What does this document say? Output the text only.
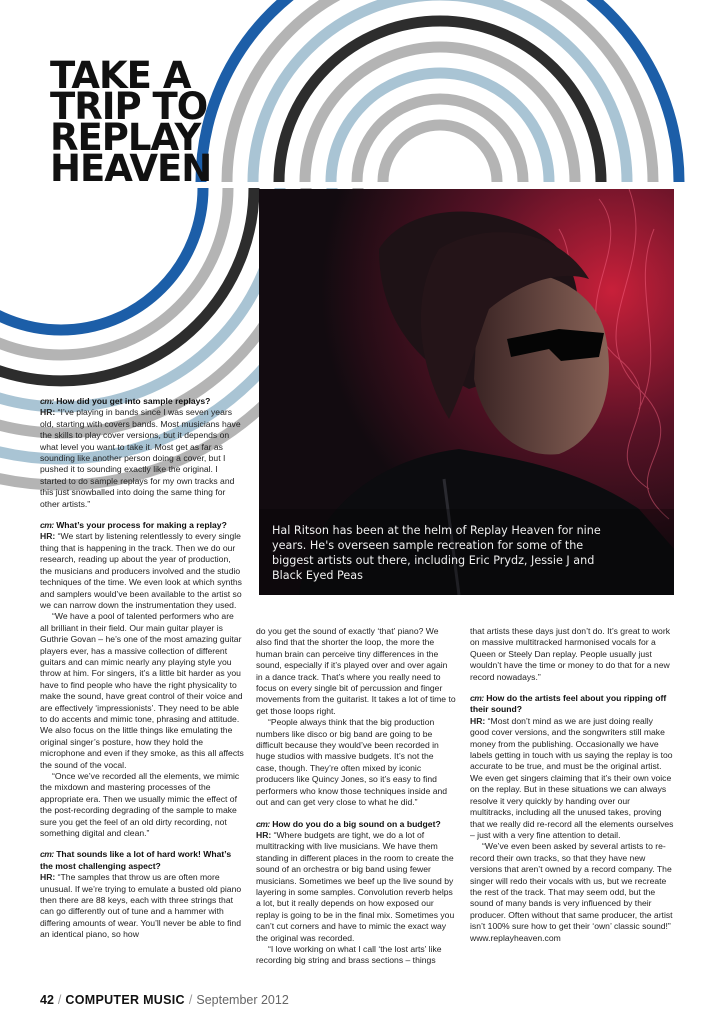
TAKE A
TRIP TO
REPLAY
HEAVEN
Hal Ritson has been at the helm of Replay Heaven for nine years. He's overseen sample recreation for some of the biggest artists out there, including Eric Prydz, Jessie J and Black Eyed Peas

cm: How did you get into sample replays?

HR: “I’ve playing in bands since I was seven years old, starting with covers bands. Most musicians have the skills to play cover versions, but it depends on what level you want to take it. Most get as far as sounding like another person doing a cover, but I pushed it to sounding exactly like the original. I started to do sample replays for my own tracks and this just snowballed into doing the same thing for other artists.”

cm: What’s your process for making a replay?

HR: “We start by listening relentlessly to every single thing that is happening in the track. Then we do our research, reading up about the year of production, the musicians and producers involved and the studio techniques of the time. We even look at which synths and samplers would’ve been available to the artist so we can narrow down the instrumentation they used.

“We have a pool of talented performers who are all brilliant in their field. Our main guitar player is Guthrie Govan – he’s one of the most amazing guitar players ever, has a massive collection of different guitars and can mimic nearly any playing style you throw at him. For singers, it’s a little bit harder as you have to find people who have the right physicality to make the sound, have great control of their voice and are effectively ‘impressionists’. They need to be able to do accents and mimic tone, phrasing and attitude. We also focus on the little things like emulating the original singer’s posture, how they hold the microphone and even if they smoke, as this all affects the sound of the vocal.

“Once we’ve recorded all the elements, we mimic the mixdown and mastering processes of the appropriate era. Then we usually mimic the effect of the post-recording degrading of the sample to make sure you get the feel of an old dirty recording, not something digital and clean.”

cm: That sounds like a lot of hard work! What’s the most challenging aspect?

HR: “The samples that throw us are often more unusual. If we’re trying to emulate a busted old piano then there are 88 keys, each with three strings that can go differently out of tune and a hammer with differing amounts of wear. You’ll never be able to find an identical piano, so how

do you get the sound of exactly ‘that’ piano? We also find that the shorter the loop, the more the human brain can perceive tiny differences in the sound, especially if it’s played over and over again in a dance track. That’s where you really need to focus on every single bit of percussion and finger movements from the guitarist. It takes a lot of time to get those loops right.

“People always think that the big production numbers like disco or big band are going to be difficult because they would’ve been recorded in huge studios with massive budgets. It’s not the case, though. They’re often mixed by iconic producers like Quincy Jones, so it’s easy to find performers who know those techniques inside and out and can get very close to what he did.”

cm: How do you do a big sound on a budget?

HR: “Where budgets are tight, we do a lot of multitracking with live musicians. We have them standing in different places in the room to create the sound of an orchestra or big band using fewer musicians. Sometimes we beef up the live sound by layering in some samples. Convolution reverb helps a lot, but it really depends on how exposed our replay is going to be in the final mix. Sometimes you can’t cut corners and have to mimic the exact way the original was recorded.

“I love working on what I call ‘the lost arts’ like recording big string and brass sections – things

that artists these days just don’t do. It’s great to work on massive multitracked harmonised vocals for a Queen or Steely Dan replay. People usually just wouldn’t have the time or money to do that for a new record nowadays.”

cm: How do the artists feel about you ripping off their sound?

HR: “Most don’t mind as we are just doing really good cover versions, and the songwriters still make money from the publishing. Occasionally we have labels getting in touch with us saying the replay is too accurate to be true, and must be the original artist. We even get singers claiming that it’s their own voice on the replay. But in these situations we can always resolve it very quickly by handing over our multitracks, including all the unused takes, proving that we really did re-record all the elements ourselves – just with a very fine attention to detail.

“We’ve even been asked by several artists to re-record their own tracks, so that they have new versions that aren’t owned by a record company. The singer will redo their vocals with us, but we recreate the rest of the track. That may seem odd, but the sound of many bands is very influenced by their producer. Often without that same producer, the artist isn’t 100% sure how to get their ‘own’ classic sound!”

www.replayheaven.com

42 / COMPUTER MUSIC / September 2012
